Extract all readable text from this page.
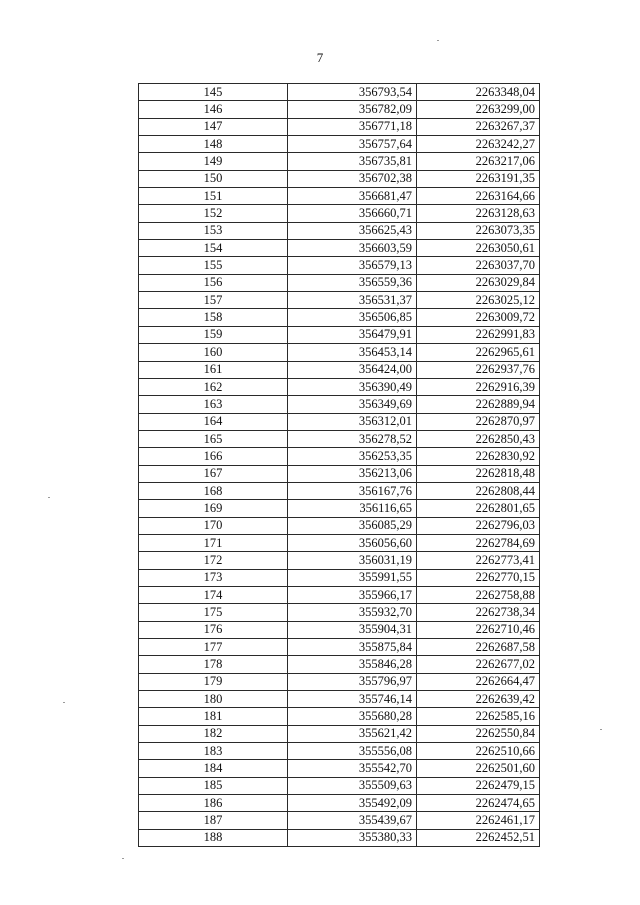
7
145	356793,54	2263348,04
146	356782,09	2263299,00
147	356771,18	2263267,37
148	356757,64	2263242,27
149	356735,81	2263217,06
150	356702,38	2263191,35
151	356681,47	2263164,66
152	356660,71	2263128,63
153	356625,43	2263073,35
154	356603,59	2263050,61
155	356579,13	2263037,70
156	356559,36	2263029,84
157	356531,37	2263025,12
158	356506,85	2263009,72
159	356479,91	2262991,83
160	356453,14	2262965,61
161	356424,00	2262937,76
162	356390,49	2262916,39
163	356349,69	2262889,94
164	356312,01	2262870,97
165	356278,52	2262850,43
166	356253,35	2262830,92
167	356213,06	2262818,48
168	356167,76	2262808,44
169	356116,65	2262801,65
170	356085,29	2262796,03
171	356056,60	2262784,69
172	356031,19	2262773,41
173	355991,55	2262770,15
174	355966,17	2262758,88
175	355932,70	2262738,34
176	355904,31	2262710,46
177	355875,84	2262687,58
178	355846,28	2262677,02
179	355796,97	2262664,47
180	355746,14	2262639,42
181	355680,28	2262585,16
182	355621,42	2262550,84
183	355556,08	2262510,66
184	355542,70	2262501,60
185	355509,63	2262479,15
186	355492,09	2262474,65
187	355439,67	2262461,17
188	355380,33	2262452,51
